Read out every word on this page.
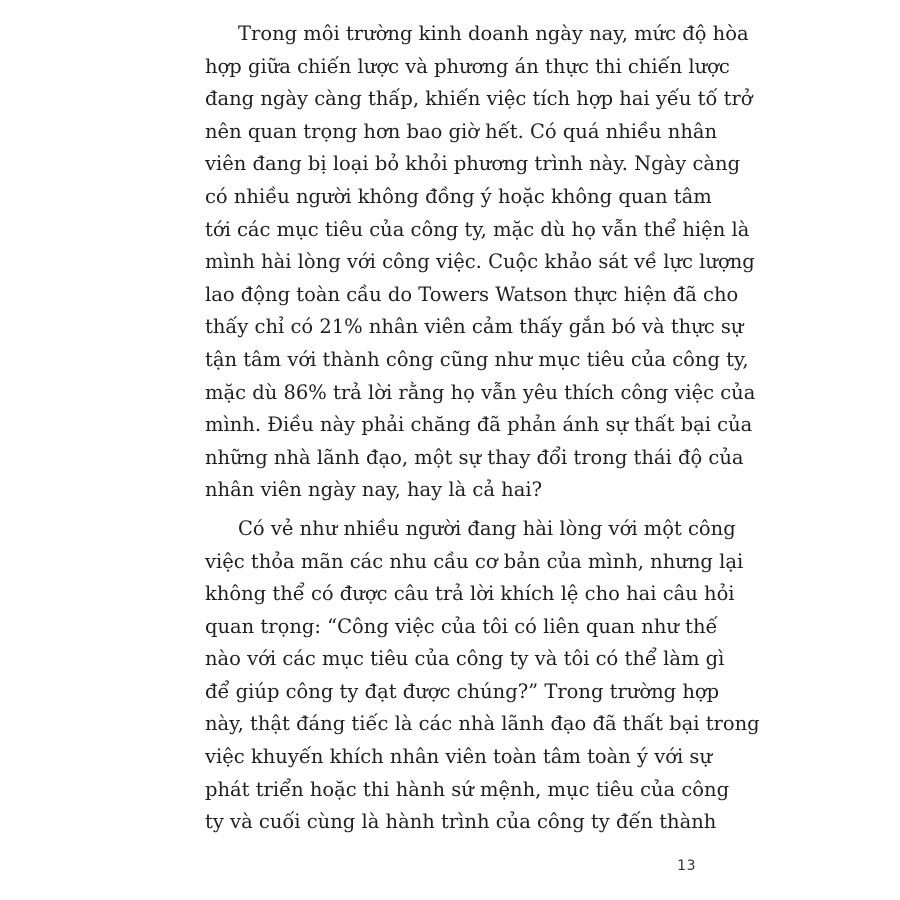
Trong môi trường kinh doanh ngày nay, mức độ hòa
hợp giữa chiến lược và phương án thực thi chiến lược
đang ngày càng thấp, khiến việc tích hợp hai yếu tố trở
nên quan trọng hơn bao giờ hết. Có quá nhiều nhân
viên đang bị loại bỏ khỏi phương trình này. Ngày càng
có nhiều người không đồng ý hoặc không quan tâm
tới các mục tiêu của công ty, mặc dù họ vẫn thể hiện là
mình hài lòng với công việc. Cuộc khảo sát về lực lượng
lao động toàn cầu do Towers Watson thực hiện đã cho
thấy chỉ có 21% nhân viên cảm thấy gắn bó và thực sự
tận tâm với thành công cũng như mục tiêu của công ty,
mặc dù 86% trả lời rằng họ vẫn yêu thích công việc của
mình. Điều này phải chăng đã phản ánh sự thất bại của
những nhà lãnh đạo, một sự thay đổi trong thái độ của
nhân viên ngày nay, hay là cả hai?
Có vẻ như nhiều người đang hài lòng với một công
việc thỏa mãn các nhu cầu cơ bản của mình, nhưng lại
không thể có được câu trả lời khích lệ cho hai câu hỏi
quan trọng: “Công việc của tôi có liên quan như thế
nào với các mục tiêu của công ty và tôi có thể làm gì
để giúp công ty đạt được chúng?” Trong trường hợp
này, thật đáng tiếc là các nhà lãnh đạo đã thất bại trong
việc khuyến khích nhân viên toàn tâm toàn ý với sự
phát triển hoặc thi hành sứ mệnh, mục tiêu của công
ty và cuối cùng là hành trình của công ty đến thành
13
